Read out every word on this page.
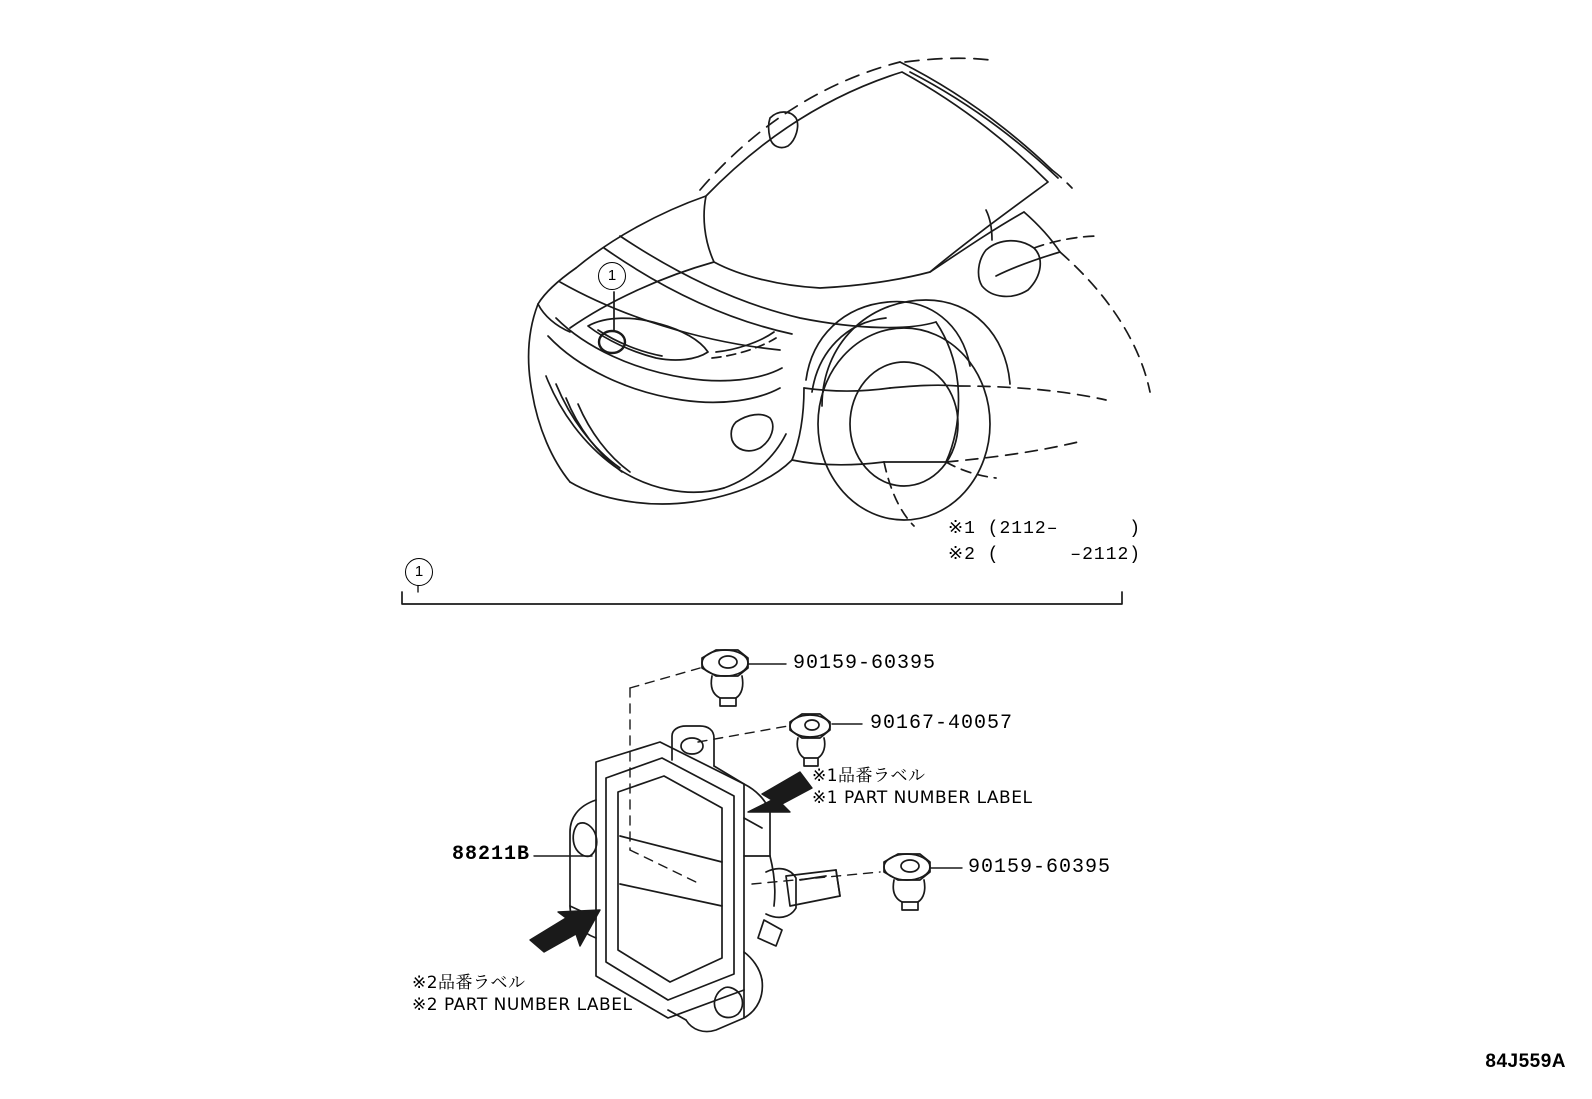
1
1
※1 (2112–      )
※2 (      –2112)
90159-60395
90167-40057
90159-60395
88211B
※1品番ラベル
※1 PART NUMBER LABEL
※2品番ラベル
※2 PART NUMBER LABEL
84J559A
